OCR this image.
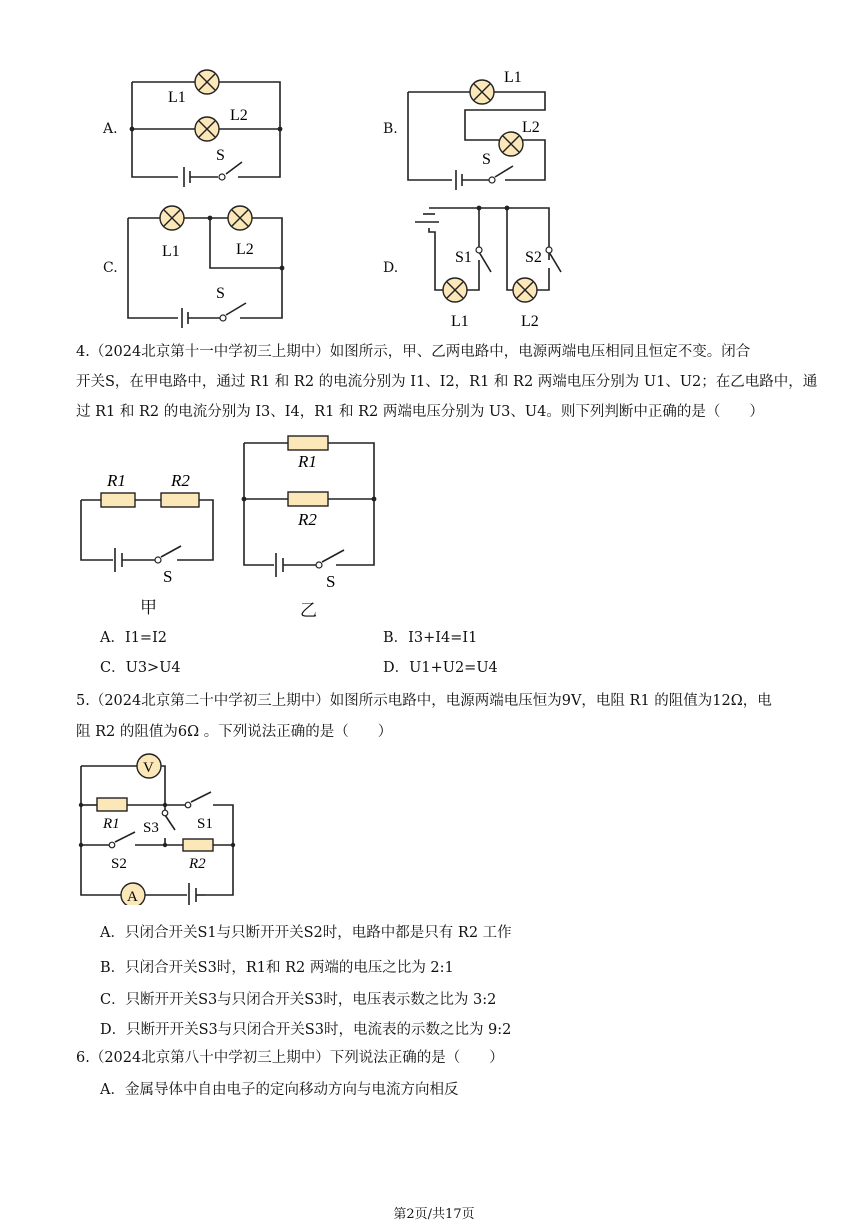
A.	B.
C.	D.
L1
L2
S
L1
L2
S
L1	L2
S
S1	S2
L1	L2
4.（2024北京第十一中学初三上期中）如图所示，甲、乙两电路中，电源两端电压相同且恒定不变。闭合
开关S，在甲电路中，通过 R1 和 R2 的电流分别为 I1、I2，R1 和 R2 两端电压分别为 U1、U2；在乙电路中，通
过 R1 和 R2 的电流分别为 I3、I4，R1 和 R2 两端电压分别为 U3、U4。则下列判断中正确的是（　　）
R1	R2
S
甲
R1
R2
S
乙
A．I1=I2	B．I3+I4=I1
C．U3>U4	D．U1+U2=U4
5.（2024北京第二十中学初三上期中）如图所示电路中，电源两端电压恒为9V，电阻 R1 的阻值为12Ω，电
阻 R2 的阻值为6Ω 。下列说法正确的是（　　）
V
A
R1
R2
S1
S2
S3
A．只闭合开关S1与只断开开关S2时，电路中都是只有 R2 工作
B．只闭合开关S3时，R1和 R2 两端的电压之比为 2:1
C．只断开开关S3与只闭合开关S3时，电压表示数之比为 3:2
D．只断开开关S3与只闭合开关S3时，电流表的示数之比为 9:2
6.（2024北京第八十中学初三上期中）下列说法正确的是（　　）
A．金属导体中自由电子的定向移动方向与电流方向相反
第2页/共17页
